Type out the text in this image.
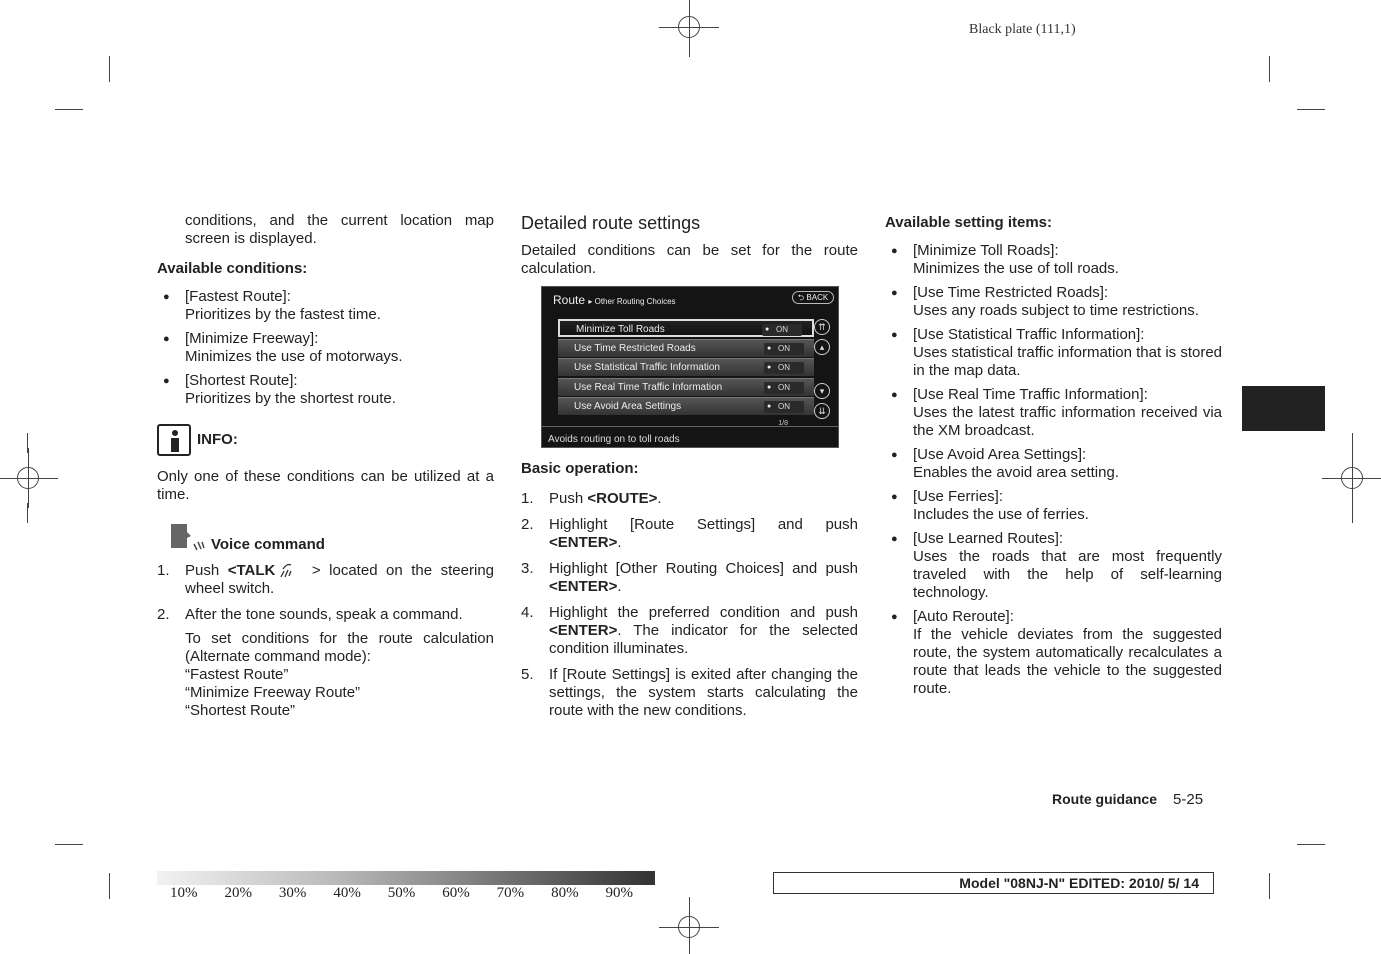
Black plate (111,1)

conditions, and the current location map screen is displayed.

Available conditions:

● [Fastest Route]:
Prioritizes by the fastest time.
● [Minimize Freeway]:
Minimizes the use of motorways.
● [Shortest Route]:
Prioritizes by the shortest route.
INFO:

Only one of these conditions can be utilized at a time.

Voice command
1. Push <TALK > located on the steering wheel switch.
2. After the tone sounds, speak a command.
To set conditions for the route calculation (Alternate command mode):
“Fastest Route”
“Minimize Freeway Route”
“Shortest Route”

Detailed route settings

Detailed conditions can be set for the route calculation.

Route ▸ Other Routing Choices	⮌ BACK
Minimize Toll Roads	● ON
Use Time Restricted Roads	● ON
Use Statistical Traffic Information	● ON
Use Real Time Traffic Information	● ON
Use Avoid Area Settings	● ON
⇈
▴
▾
⇊
1/8
Avoids routing on to toll roads

Basic operation:

1. Push <ROUTE>.
2. Highlight [Route Settings] and push <ENTER>.
3. Highlight [Other Routing Choices] and push <ENTER>.
4. Highlight the preferred condition and push <ENTER>. The indicator for the selected condition illuminates.
5. If [Route Settings] is exited after changing the settings, the system starts calculating the route with the new conditions.

Available setting items:

● [Minimize Toll Roads]:
Minimizes the use of toll roads.
● [Use Time Restricted Roads]:
Uses any roads subject to time restrictions.
● [Use Statistical Traffic Information]:
Uses statistical traffic information that is stored in the map data.
● [Use Real Time Traffic Information]:
Uses the latest traffic information received via the XM broadcast.
● [Use Avoid Area Settings]:
Enables the avoid area setting.
● [Use Ferries]:
Includes the use of ferries.
● [Use Learned Routes]:
Uses the roads that are most frequently traveled with the help of self-learning technology.
● [Auto Reroute]:
If the vehicle deviates from the suggested route, the system automatically recalculates a route that leads the vehicle to the suggested route.
Route guidance 5-25
10%	20%	30%	40%	50%	60%	70%	80%	90%
Model "08NJ-N" EDITED: 2010/ 5/ 14
